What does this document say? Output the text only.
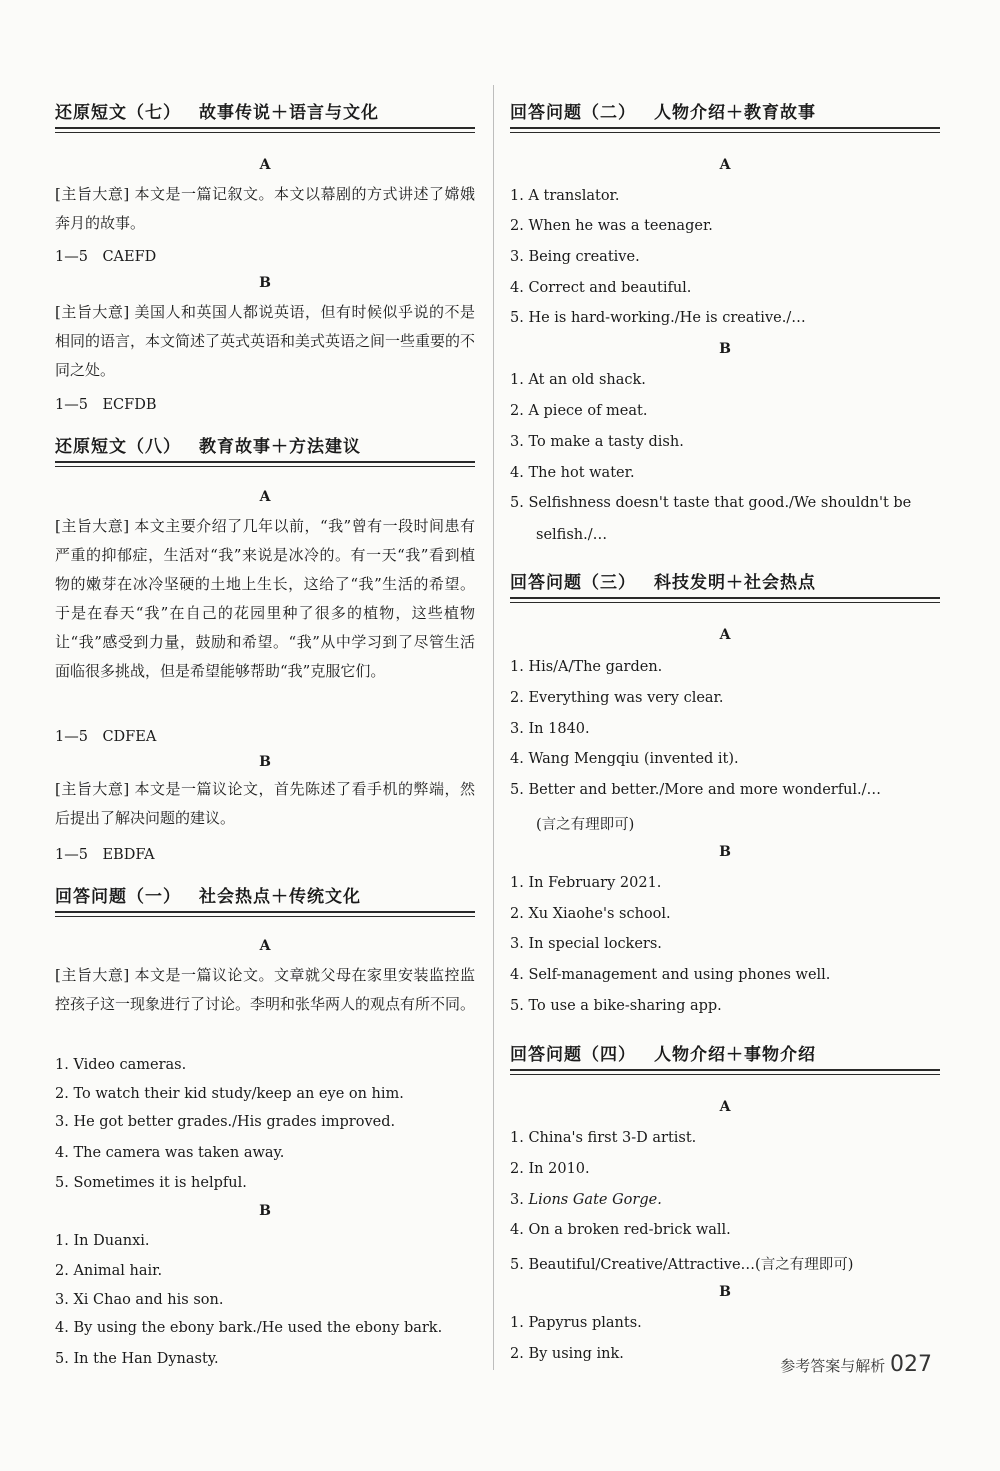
还原短文（七） 故事传说＋语言与文化
A
[主旨大意] 本文是一篇记叙文。本文以幕剧的方式讲述了嫦娥奔月的故事。
1—5　CAEFD
B
[主旨大意] 美国人和英国人都说英语，但有时候似乎说的不是相同的语言，本文简述了英式英语和美式英语之间一些重要的不同之处。
1—5　ECFDB
还原短文（八） 教育故事＋方法建议
A
[主旨大意] 本文主要介绍了几年以前，“我”曾有一段时间患有严重的抑郁症，生活对“我”来说是冰冷的。有一天“我”看到植物的嫩芽在冰冷坚硬的土地上生长，这给了“我”生活的希望。于是在春天“我”在自己的花园里种了很多的植物，这些植物让“我”感受到力量，鼓励和希望。“我”从中学习到了尽管生活面临很多挑战，但是希望能够帮助“我”克服它们。
1—5　CDFEA
B
[主旨大意] 本文是一篇议论文，首先陈述了看手机的弊端，然后提出了解决问题的建议。
1—5　EBDFA
回答问题（一） 社会热点＋传统文化
A
[主旨大意] 本文是一篇议论文。文章就父母在家里安装监控监控孩子这一现象进行了讨论。李明和张华两人的观点有所不同。
1. Video cameras.
2. To watch their kid study/keep an eye on him.
3. He got better grades./His grades improved.
4. The camera was taken away.
5. Sometimes it is helpful.
B
1. In Duanxi.
2. Animal hair.
3. Xi Chao and his son.
4. By using the ebony bark./He used the ebony bark.
5. In the Han Dynasty.
回答问题（二） 人物介绍＋教育故事
A
1. A translator.
2. When he was a teenager.
3. Being creative.
4. Correct and beautiful.
5. He is hard-working./He is creative./…
B
1. At an old shack.
2. A piece of meat.
3. To make a tasty dish.
4. The hot water.
5. Selfishness doesn't taste that good./We shouldn't be
selfish./…
回答问题（三） 科技发明＋社会热点
A
1. His/A/The garden.
2. Everything was very clear.
3. In 1840.
4. Wang Mengqiu (invented it).
5. Better and better./More and more wonderful./…
(言之有理即可)
B
1. In February 2021.
2. Xu Xiaohe's school.
3. In special lockers.
4. Self-management and using phones well.
5. To use a bike-sharing app.
回答问题（四） 人物介绍＋事物介绍
A
1. China's first 3-D artist.
2. In 2010.
3. Lions Gate Gorge.
4. On a broken red-brick wall.
5. Beautiful/Creative/Attractive…(言之有理即可)
B
1. Papyrus plants.
2. By using ink.
参考答案与解析 027
